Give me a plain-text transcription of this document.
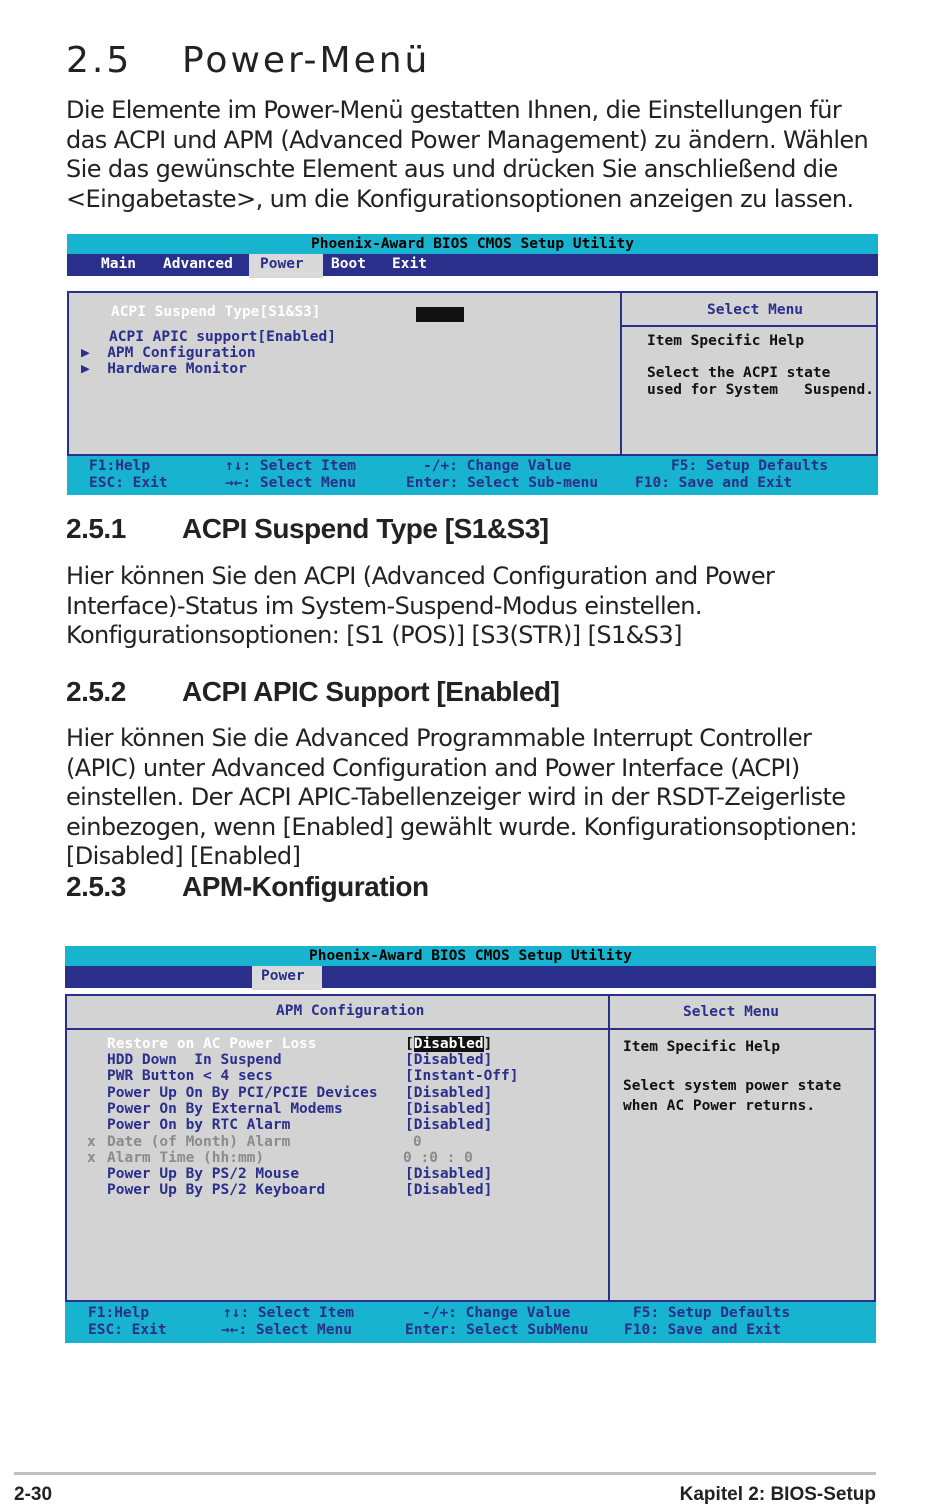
2.5 Power-Menü

Die Elemente im Power-Menü gestatten Ihnen, die Einstellungen für das ACPI und APM (Advanced Power Management) zu ändern. Wählen Sie das gewünschte Element aus und drücken Sie anschließend die <Eingabetaste>, um die Konfigurationsoptionen anzeigen zu lassen.

Phoenix-Award BIOS CMOS Setup Utility
Main Advanced	Power	Boot Exit
ACPI Suspend Type[S1&S3]
ACPI APIC support[Enabled]
▶  APM Configuration
▶  Hardware Monitor
Select Menu
Item Specific Help
Select the ACPI state
used for System   Suspend.
F1:Help
ESC: Exit
↑↓: Select Item
→←: Select Menu
-/+: Change Value
Enter: Select Sub-menu
F5: Setup Defaults
F10: Save and Exit
2.5.1 ACPI Suspend Type [S1&S3]

Hier können Sie den ACPI (Advanced Configuration and Power Interface)-Status im System-Suspend-Modus einstellen. Konfigurationsoptionen: [S1 (POS)] [S3(STR)] [S1&S3]

2.5.2 ACPI APIC Support [Enabled]

Hier können Sie die Advanced Programmable Interrupt Controller (APIC) unter Advanced Configuration and Power Interface (ACPI) einstellen. Der ACPI APIC-Tabellenzeiger wird in der RSDT-Zeigerliste einbezogen, wenn [Enabled] gewählt wurde. Konfigurationsoptionen: [Disabled] [Enabled]

2.5.3 APM-Konfiguration
Phoenix-Award BIOS CMOS Setup Utility
Power
APM Configuration	Select Menu
Restore on AC Power Loss	[Disabled]
HDD Down  In Suspend	[Disabled]
PWR Button < 4 secs	[Instant-Off]
Power Up On By PCI/PCIE Devices [Disabled]
Power On By External Modems	[Disabled]
Power On by RTC Alarm	[Disabled]
x Date (of Month) Alarm	0
x Alarm Time (hh:mm)	0 :0 : 0
Power Up By PS/2 Mouse	[Disabled]
Power Up By PS/2 Keyboard	[Disabled]
Item Specific Help
Select system power state
when AC Power returns.
F1:Help
ESC: Exit
↑↓: Select Item
→←: Select Menu
-/+: Change Value
Enter: Select SubMenu
F5: Setup Defaults
F10: Save and Exit
2-30	Kapitel 2: BIOS-Setup
